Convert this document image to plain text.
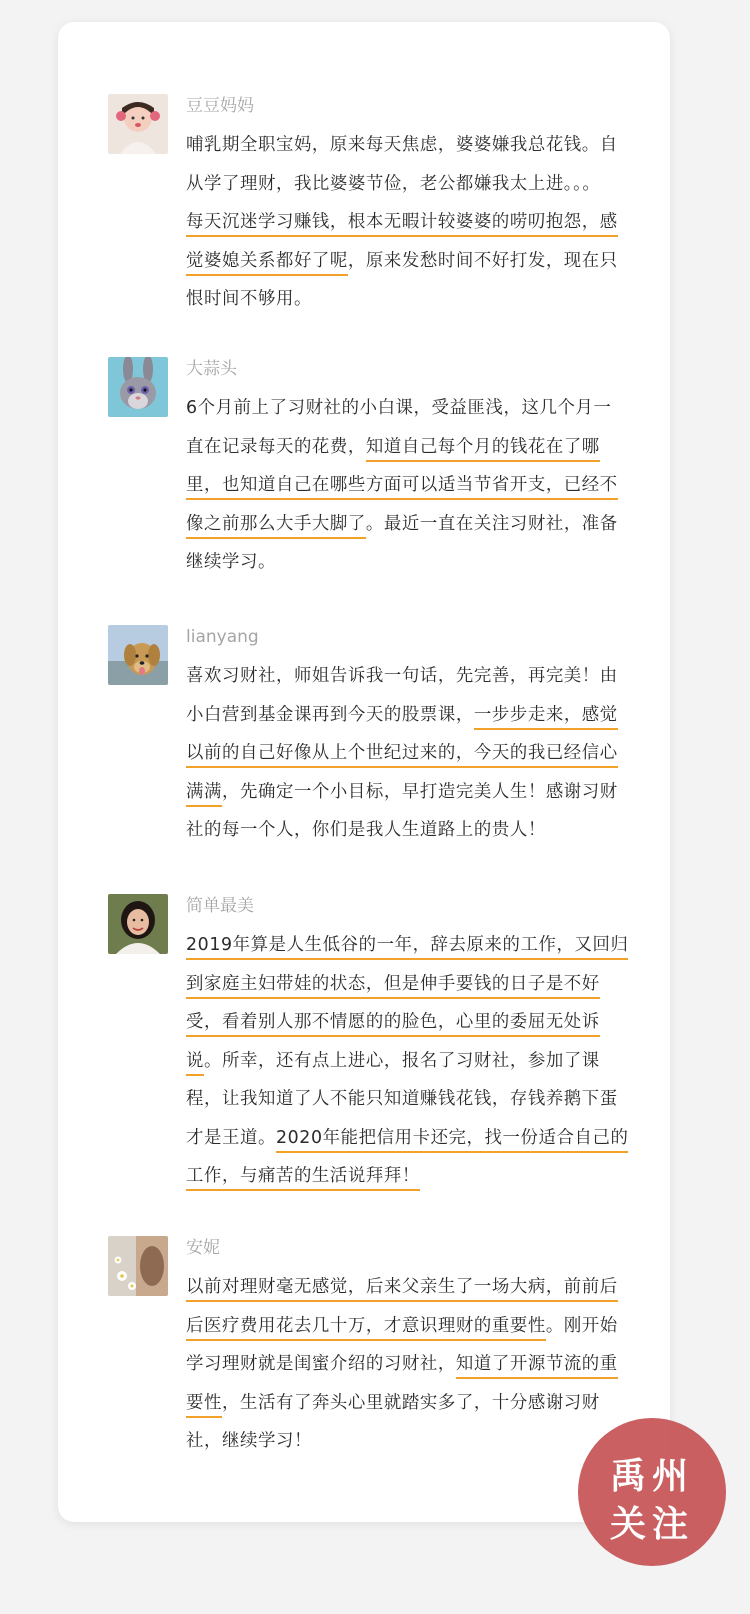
豆豆妈妈
哺乳期全职宝妈，原来每天焦虑，婆婆嫌我总花钱。自
从学了理财，我比婆婆节俭，老公都嫌我太上进。。。
每天沉迷学习赚钱，根本无暇计较婆婆的唠叨抱怨，感
觉婆媳关系都好了呢，原来发愁时间不好打发，现在只
恨时间不够用。
大蒜头
6个月前上了习财社的小白课，受益匪浅，这几个月一
直在记录每天的花费，知道自己每个月的钱花在了哪
里，也知道自己在哪些方面可以适当节省开支，已经不
像之前那么大手大脚了。最近一直在关注习财社，准备
继续学习。
lianyang
喜欢习财社，师姐告诉我一句话，先完善，再完美！由
小白营到基金课再到今天的股票课，一步步走来，感觉
以前的自己好像从上个世纪过来的，今天的我已经信心
满满，先确定一个小目标，早打造完美人生！感谢习财
社的每一个人，你们是我人生道路上的贵人！
简单最美
2019年算是人生低谷的一年，辞去原来的工作，又回归
到家庭主妇带娃的状态，但是伸手要钱的日子是不好
受，看着别人那不情愿的的脸色，心里的委屈无处诉
说。所幸，还有点上进心，报名了习财社，参加了课
程，让我知道了人不能只知道赚钱花钱，存钱养鹅下蛋
才是王道。2020年能把信用卡还完，找一份适合自己的
工作，与痛苦的生活说拜拜！
安妮
以前对理财毫无感觉，后来父亲生了一场大病，前前后
后医疗费用花去几十万，才意识理财的重要性。刚开始
学习理财就是闺蜜介绍的习财社，知道了开源节流的重
要性，生活有了奔头心里就踏实多了，十分感谢习财
社，继续学习！
禹州
关注
